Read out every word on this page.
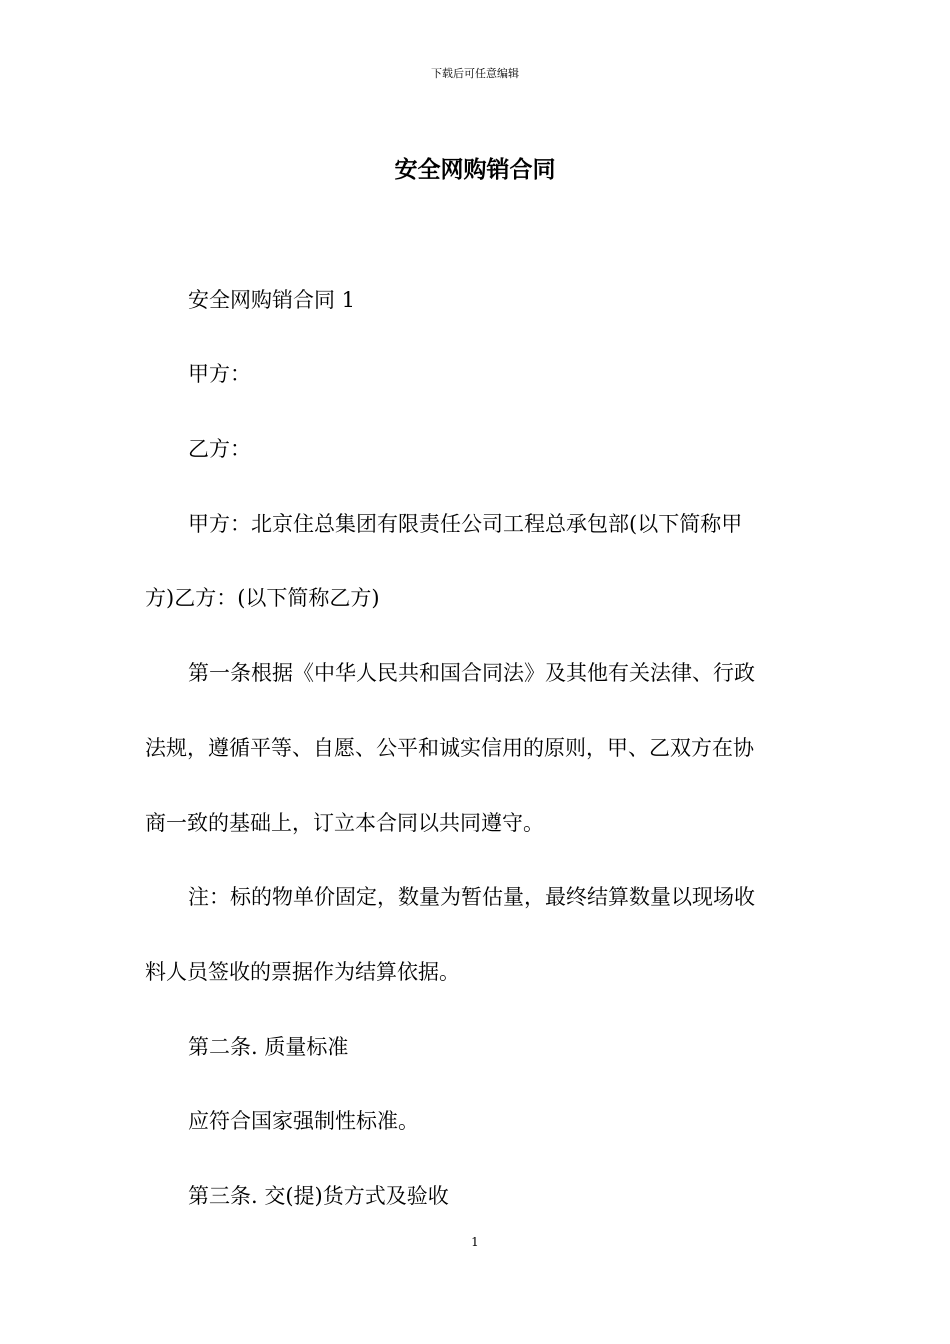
下载后可任意编辑
安全网购销合同
安全网购销合同 1
甲方：
乙方：
甲方：北京住总集团有限责任公司工程总承包部(以下简称甲
方)乙方：(以下简称乙方)
第一条根据《中华人民共和国合同法》及其他有关法律、行政
法规，遵循平等、自愿、公平和诚实信用的原则，甲、乙双方在协
商一致的基础上，订立本合同以共同遵守。
注：标的物单价固定，数量为暂估量，最终结算数量以现场收
料人员签收的票据作为结算依据。
第二条. 质量标准
应符合国家强制性标准。
第三条. 交(提)货方式及验收
1
